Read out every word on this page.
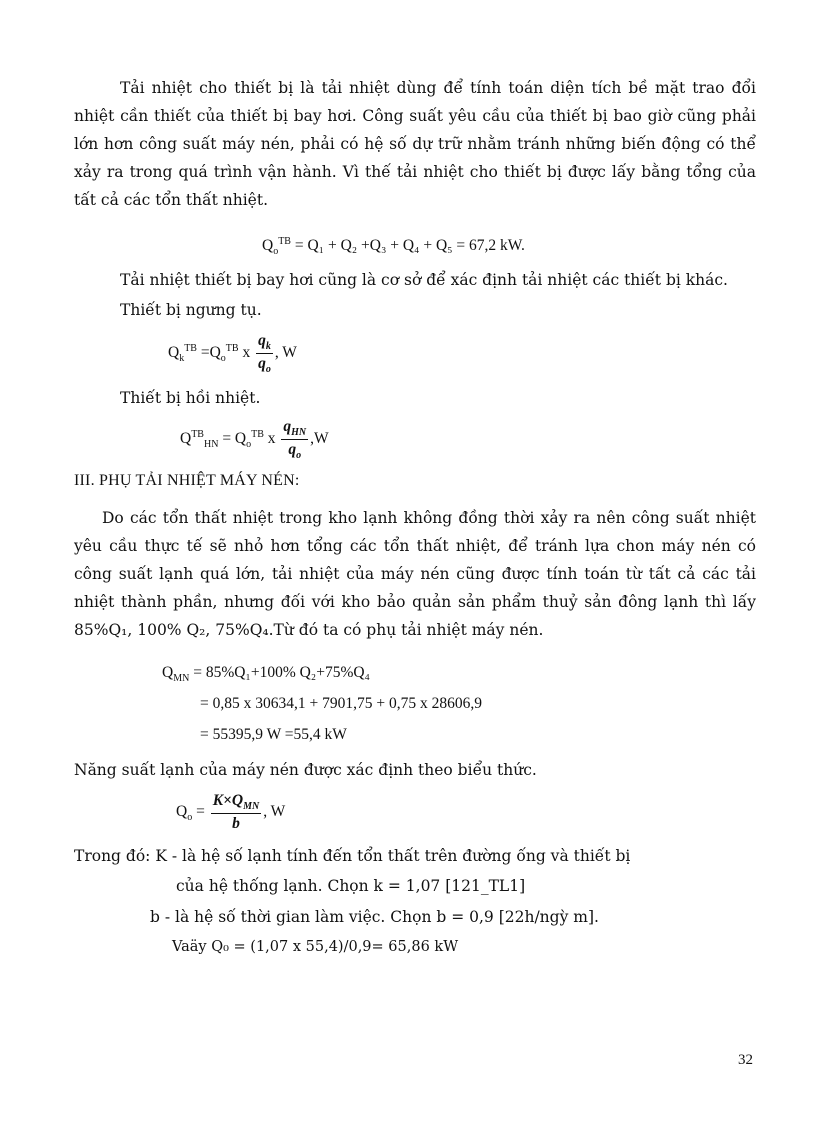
Tải nhiệt cho thiết bị là tải nhiệt dùng để tính toán diện tích bề mặt trao đổi nhiệt cần thiết của thiết bị bay hơi. Công suất yêu cầu của thiết bị bao giờ cũng phải lớn hơn công suất máy nén, phải có hệ số dự trữ nhằm tránh những biến động có thể xảy ra trong quá trình vận hành. Vì thế tải nhiệt cho thiết bị được lấy bằng tổng của tất cả các tổn thất nhiệt.

$Q_o^{TB} = Q_1 + Q_2 +Q_3 + Q_4 + Q_5 = 67,2$ kW.

Tải nhiệt thiết bị bay hơi cũng là cơ sở để xác định tải nhiệt các thiết bị khác.

Thiết bị ngưng tụ.

$Q_k^{TB} =Q_o^{TB}$ x $\frac{q_k}{q_o}$ , W

Thiết bị hồi nhiệt.

$Q^{TB}_{HN} = Q_o^{TB}$ x $\frac{q_{HN}}{q_o} ,W$
III. PHỤ TẢI NHIỆT MÁY NÉN:

Do các tổn thất nhiệt trong kho lạnh không đồng thời xảy ra nên công suất nhiệt yêu cầu thực tế sẽ nhỏ hơn tổng các tổn thất nhiệt, để tránh lựa chon máy nén có công suất lạnh quá lớn, tải nhiệt của máy nén cũng được tính toán từ tất cả các tải nhiệt thành phần, nhưng đối với kho bảo quản sản phẩm thuỷ sản đông lạnh thì lấy 85%Q₁, 100% Q₂, 75%Q₄.Từ đó ta có phụ tải nhiệt máy nén.

$Q_{MN} = 85\%Q_1+100\%$ Q₂+75%Q₄
= 0,85 x 30634,1 + 7901,75 + 0,75 x 28606,9
= 55395,9 W =55,4 kW

Năng suất lạnh của máy nén được xác định theo biểu thức.

$Q_o = \frac{K\times Q_{MN}}{b}$ , W

Trong đó: K - là hệ số lạnh tính đến tổn thất trên đường ống và thiết bị

của hệ thống lạnh. Chọn k = 1,07 [121_TL1]

b - là hệ số thời gian làm việc. Chọn b = 0,9 [22h/ngỳ m].

Vaäy Q₀ = (1,07 x 55,4)/0,9= 65,86 kW

32
